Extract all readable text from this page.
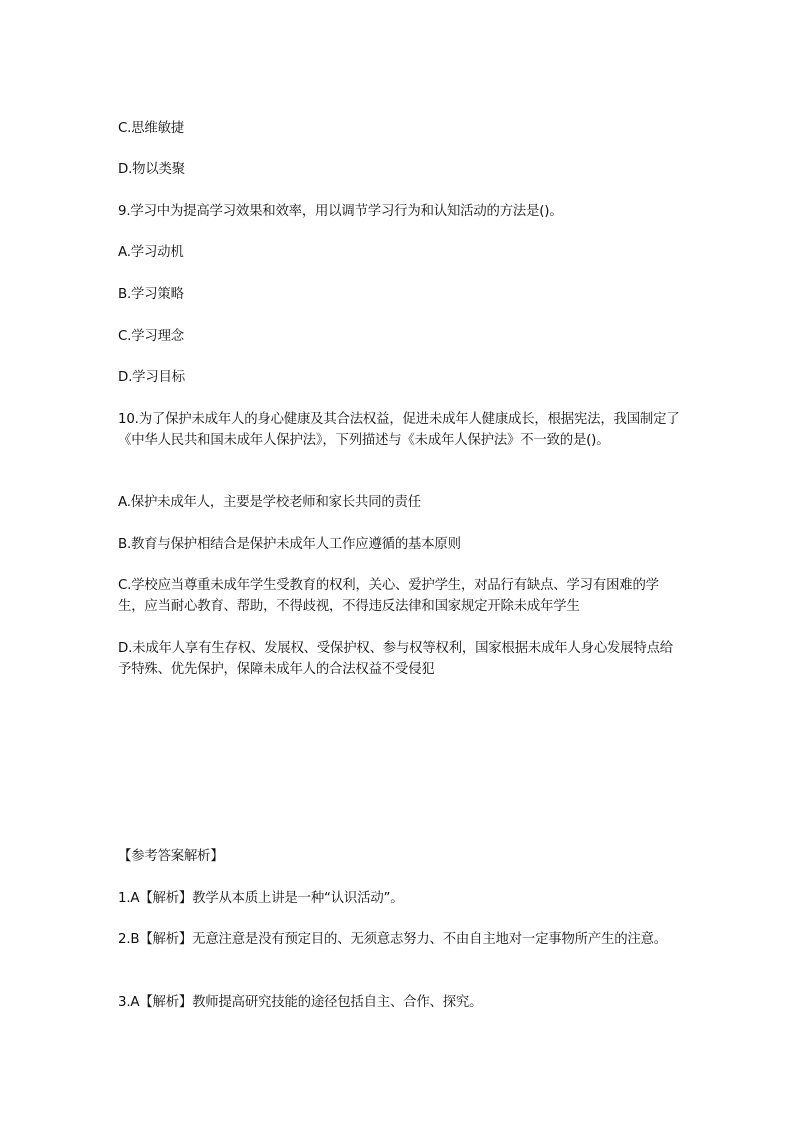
C.思维敏捷
D.物以类聚
9.学习中为提高学习效果和效率，用以调节学习行为和认知活动的方法是()。
A.学习动机
B.学习策略
C.学习理念
D.学习目标
10.为了保护未成年人的身心健康及其合法权益，促进未成年人健康成长，根据宪法，我国制定了《中华人民共和国未成年人保护法》，下列描述与《未成年人保护法》不一致的是()。
A.保护未成年人，主要是学校老师和家长共同的责任
B.教育与保护相结合是保护未成年人工作应遵循的基本原则
C.学校应当尊重未成年学生受教育的权利，关心、爱护学生，对品行有缺点、学习有困难的学生，应当耐心教育、帮助，不得歧视，不得违反法律和国家规定开除未成年学生
D.未成年人享有生存权、发展权、受保护权、参与权等权利，国家根据未成年人身心发展特点给予特殊、优先保护，保障未成年人的合法权益不受侵犯
【参考答案解析】
1.A【解析】教学从本质上讲是一种“认识活动”。
2.B【解析】无意注意是没有预定目的、无须意志努力、不由自主地对一定事物所产生的注意。
3.A【解析】教师提高研究技能的途径包括自主、合作、探究。
